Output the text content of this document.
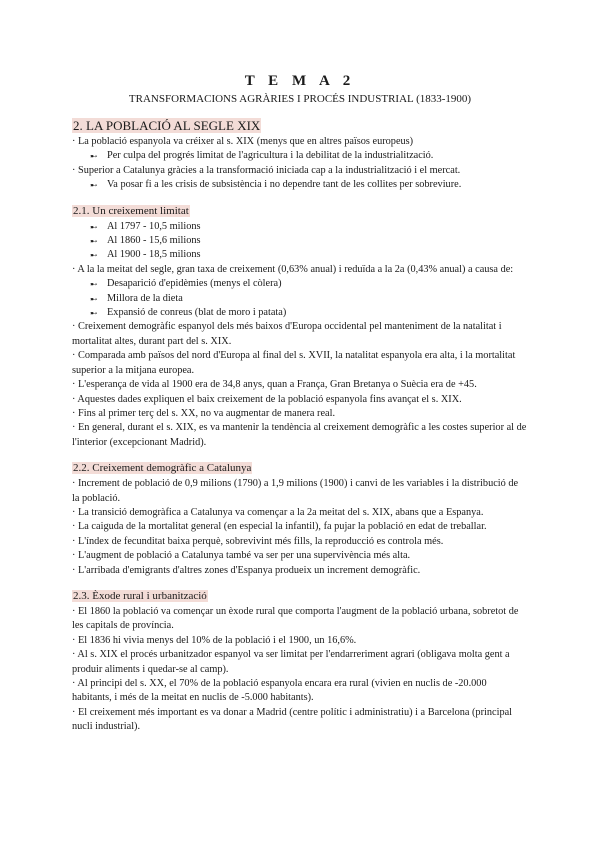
T E M A 2
TRANSFORMACIONS AGRÀRIES I PROCÉS INDUSTRIAL (1833-1900)
2. LA POBLACIÓ AL SEGLE XIX

· La població espanyola va créixer al s. XIX (menys que en altres països europeus)

➸ Per culpa del progrés limitat de l'agricultura i la debilitat de la industrialització.

· Superior a Catalunya gràcies a la transformació iniciada cap a la industrialització i el mercat.

➸ Va posar fi a les crisis de subsistència i no dependre tant de les collites per sobreviure.
2.1. Un creixement limitat
➸ Al 1797 - 10,5 milions
➸ Al 1860 - 15,6 milions
➸ Al 1900 - 18,5 milions

· A la la meitat del segle, gran taxa de creixement (0,63% anual) i reduïda a la 2a (0,43% anual) a causa de:

➸ Desaparició d'epidèmies (menys el còlera)
➸ Millora de la dieta
➸ Expansió de conreus (blat de moro i patata)

· Creixement demogràfic espanyol dels més baixos d'Europa occidental pel manteniment de la natalitat i mortalitat altes, durant part del s. XIX.

· Comparada amb països del nord d'Europa al final del s. XVII, la natalitat espanyola era alta, i la mortalitat superior a la mitjana europea.

· L'esperança de vida al 1900 era de 34,8 anys, quan a França, Gran Bretanya o Suècia era de +45.

· Aquestes dades expliquen el baix creixement de la població espanyola fins avançat el s. XIX.

· Fins al primer terç del s. XX, no va augmentar de manera real.

· En general, durant el s. XIX, es va mantenir la tendència al creixement demogràfic a les costes superior al de l'interior (excepcionant Madrid).

2.2. Creixement demogràfic a Catalunya

· Increment de població de 0,9 milions (1790) a 1,9 milions (1900) i canvi de les variables i la distribució de la població.

· La transició demogràfica a Catalunya va començar a la 2a meitat del s. XIX, abans que a Espanya.

· La caiguda de la mortalitat general (en especial la infantil), fa pujar la població en edat de treballar.

· L'índex de fecunditat baixa perquè, sobrevivint més fills, la reproducció es controla més.

· L'augment de població a Catalunya també va ser per una supervivència més alta.

· L'arribada d'emigrants d'altres zones d'Espanya produeix un increment demogràfic.

2.3. Èxode rural i urbanització

· El 1860 la població va començar un èxode rural que comporta l'augment de la població urbana, sobretot de les capitals de província.

· El 1836 hi vivia menys del 10% de la població i el 1900, un 16,6%.

· Al s. XIX el procés urbanitzador espanyol va ser limitat per l'endarreriment agrari (obligava molta gent a produir aliments i quedar-se al camp).

· Al principi del s. XX, el 70% de la població espanyola encara era rural (vivien en nuclis de -20.000 habitants, i més de la meitat en nuclis de -5.000 habitants).

· El creixement més important es va donar a Madrid (centre polític i administratiu) i a Barcelona (principal nucli industrial).
